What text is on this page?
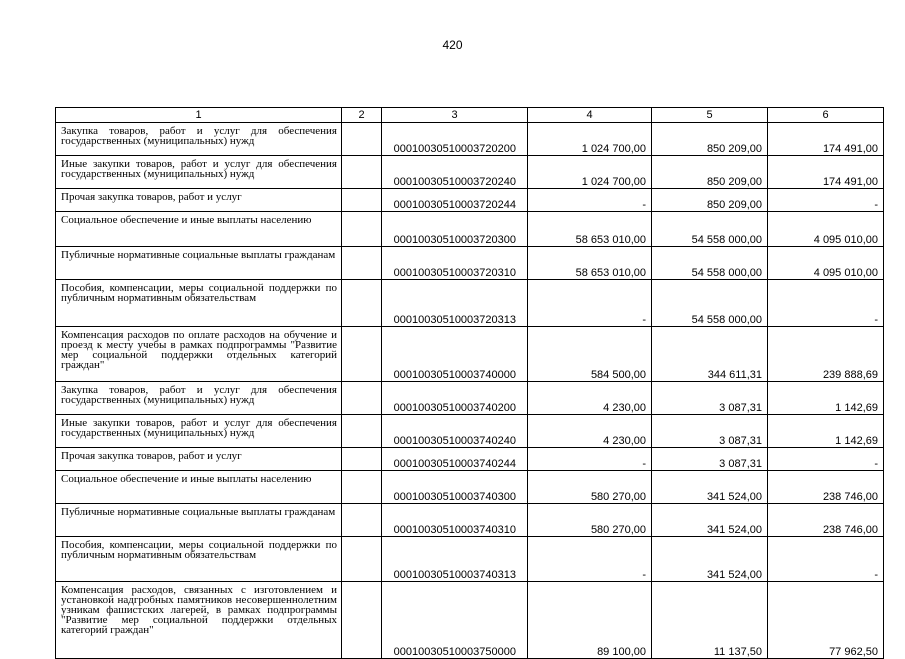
420
1	2	3	4	5	6
Закупка товаров, работ и услуг для обеспечения государственных (муниципальных) нужд		00010030510003720200	1 024 700,00	850 209,00	174 491,00
Иные закупки товаров, работ и услуг для обеспечения государственных (муниципальных) нужд		00010030510003720240	1 024 700,00	850 209,00	174 491,00
Прочая закупка товаров, работ и услуг		00010030510003720244	-	850 209,00	-
Социальное обеспечение и иные выплаты населению		00010030510003720300	58 653 010,00	54 558 000,00	4 095 010,00
Публичные нормативные социальные выплаты гражданам		00010030510003720310	58 653 010,00	54 558 000,00	4 095 010,00
Пособия, компенсации, меры социальной поддержки по публичным нормативным обязательствам		00010030510003720313	-	54 558 000,00	-
Компенсация расходов по оплате расходов на обучение и проезд к месту учебы в рамках подпрограммы "Развитие мер социальной поддержки отдельных категорий граждан"		00010030510003740000	584 500,00	344 611,31	239 888,69
Закупка товаров, работ и услуг для обеспечения государственных (муниципальных) нужд		00010030510003740200	4 230,00	3 087,31	1 142,69
Иные закупки товаров, работ и услуг для обеспечения государственных (муниципальных) нужд		00010030510003740240	4 230,00	3 087,31	1 142,69
Прочая закупка товаров, работ и услуг		00010030510003740244	-	3 087,31	-
Социальное обеспечение и иные выплаты населению		00010030510003740300	580 270,00	341 524,00	238 746,00
Публичные нормативные социальные выплаты гражданам		00010030510003740310	580 270,00	341 524,00	238 746,00
Пособия, компенсации, меры социальной поддержки по публичным нормативным обязательствам		00010030510003740313	-	341 524,00	-
Компенсация расходов, связанных с изготовлением и установкой надгробных памятников несовершеннолетним узникам фашистских лагерей, в рамках подпрограммы "Развитие мер социальной поддержки отдельных категорий граждан"		00010030510003750000	89 100,00	11 137,50	77 962,50
